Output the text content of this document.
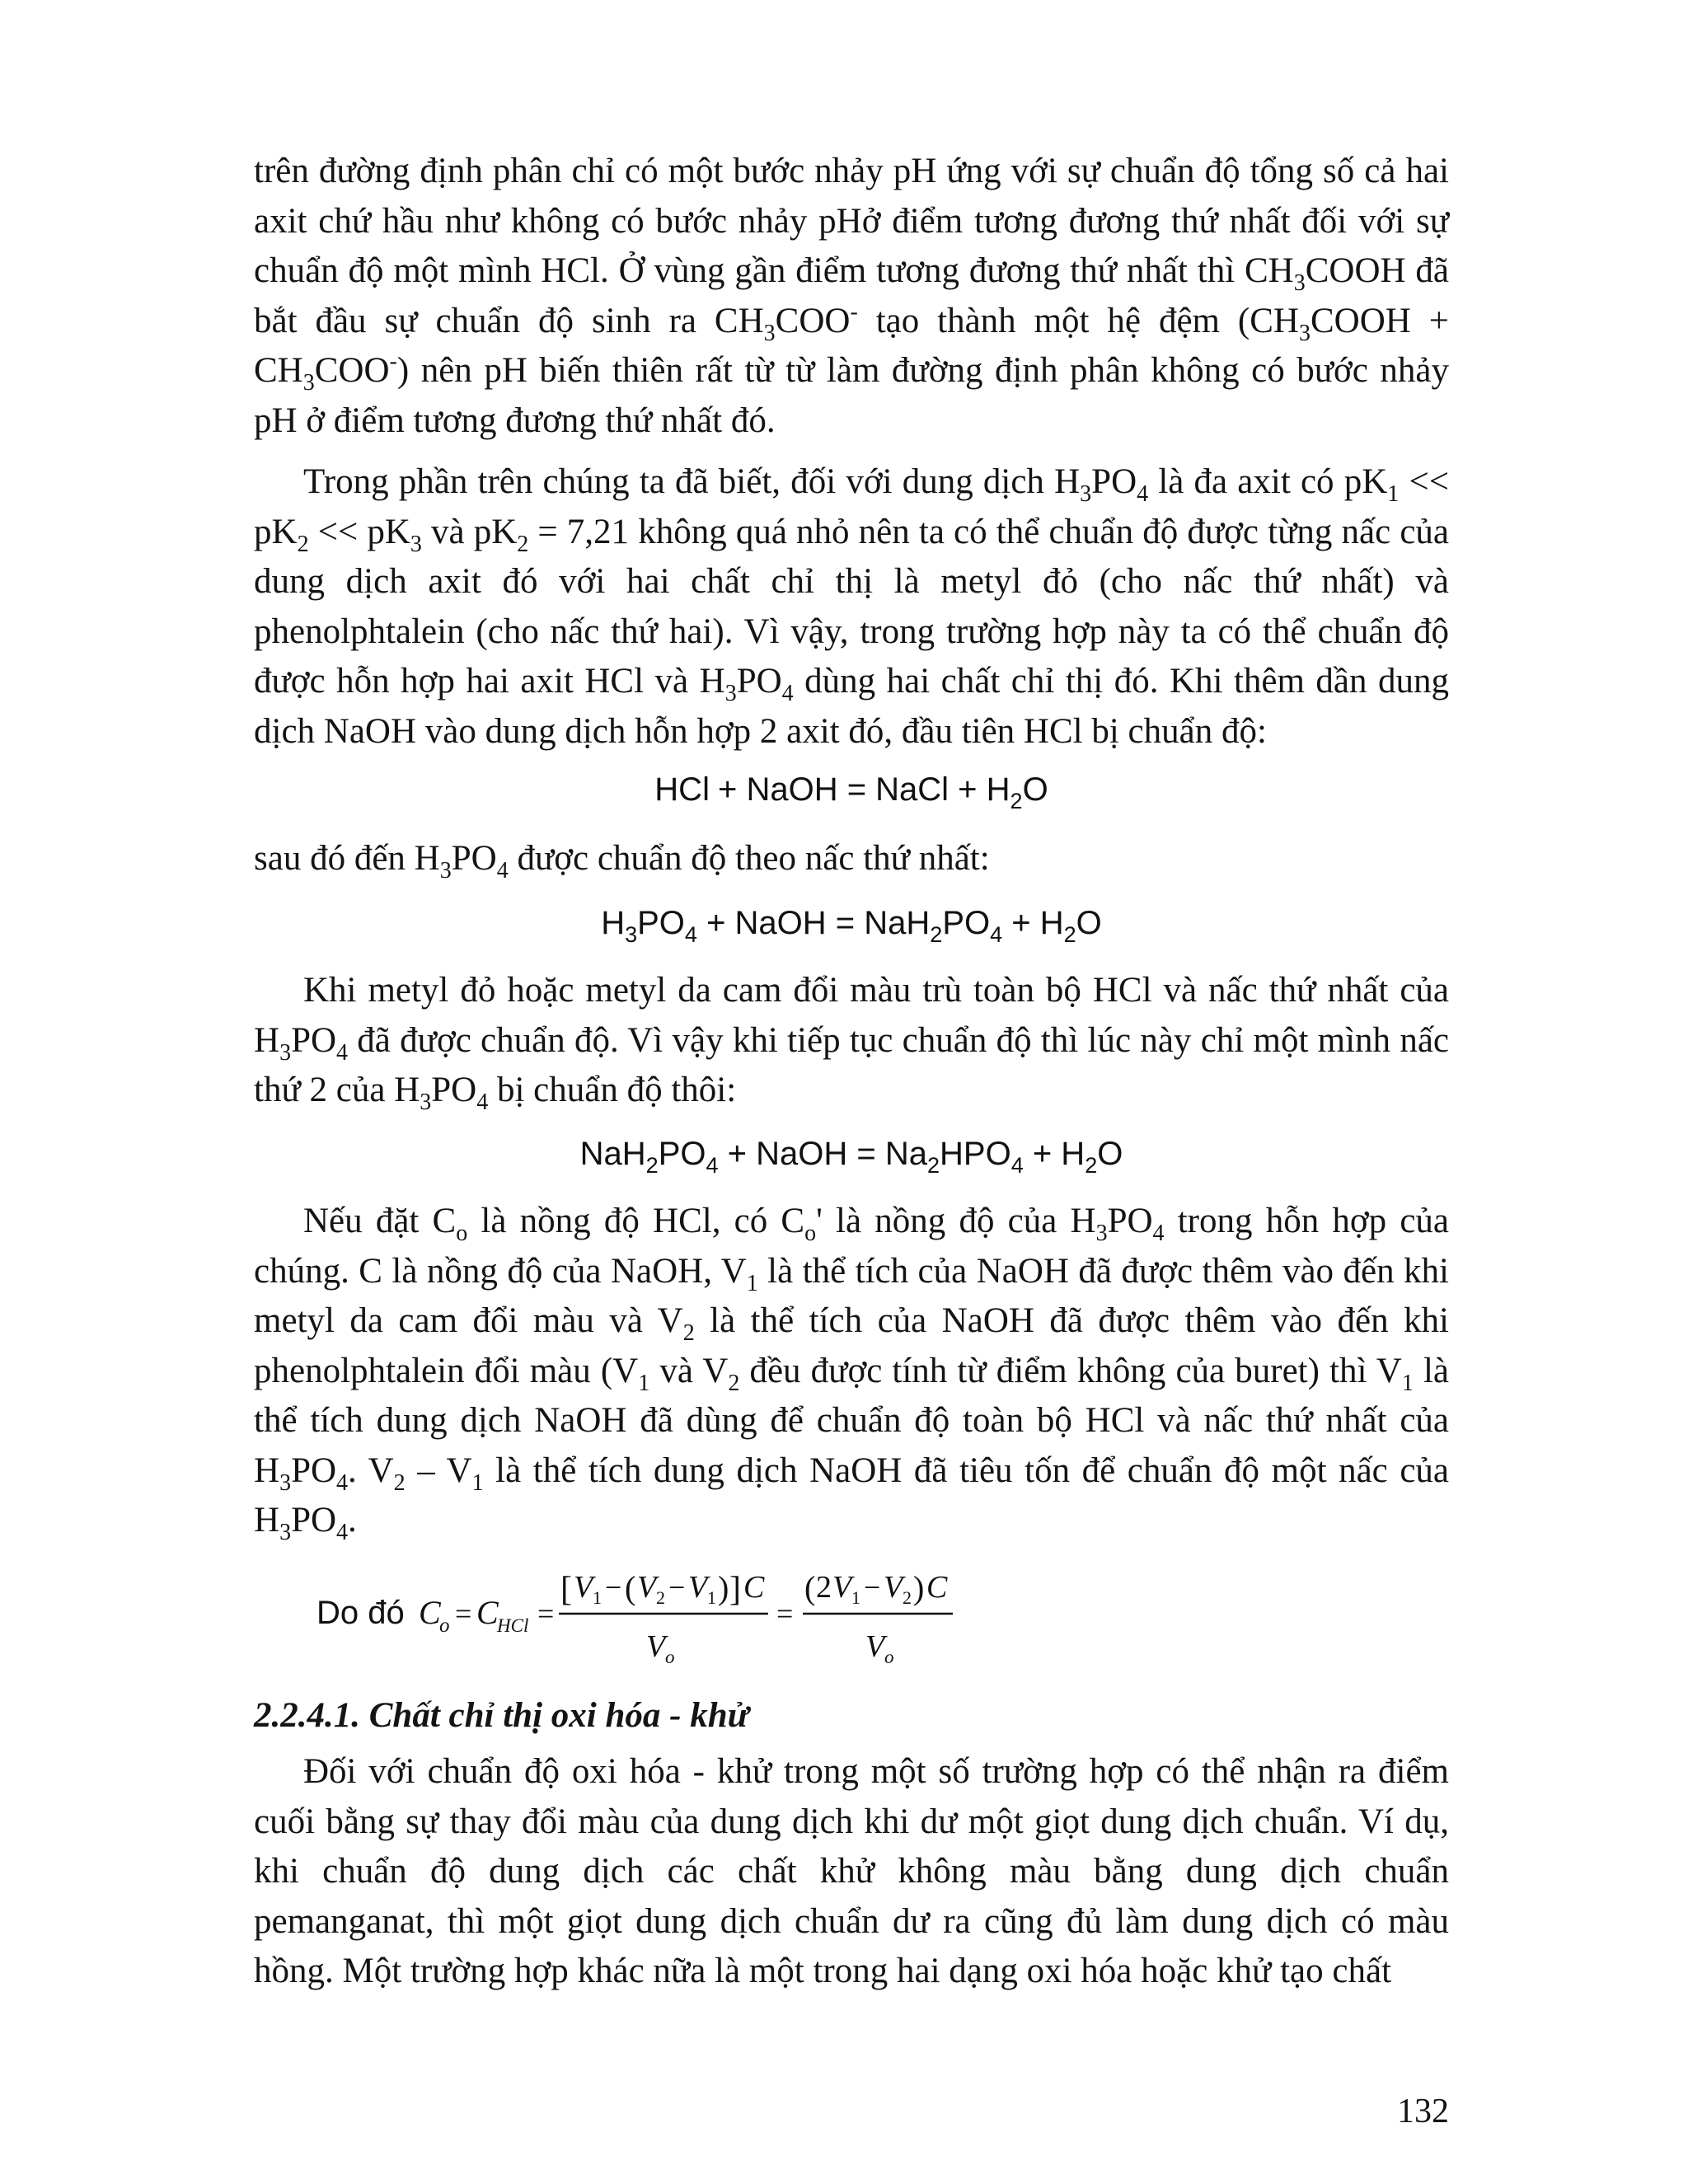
trên đường định phân chỉ có một bước nhảy pH ứng với sự chuẩn độ tổng số cả hai axit chứ hầu như không có bước nhảy pHở điểm tương đương thứ nhất đối với sự chuẩn độ một mình HCl. Ở vùng gần điểm tương đương thứ nhất thì $CH_3COOH$ đã bắt đầu sự chuẩn độ sinh ra $CH_3COO^-$ tạo thành một hệ đệm $(CH_3COOH + CH_3COO^-)$ nên pH biến thiên rất từ từ làm đường định phân không có bước nhảy pH ở điểm tương đương thứ nhất đó.

Trong phần trên chúng ta đã biết, đối với dung dịch $H_3PO_4$ là đa axit có $pK_1 << pK_2 << pK_3$ và $pK_2 = 7,21$ không quá nhỏ nên ta có thể chuẩn độ được từng nấc của dung dịch axit đó với hai chất chỉ thị là metyl đỏ (cho nấc thứ nhất) và phenolphtalein (cho nấc thứ hai). Vì vậy, trong trường hợp này ta có thể chuẩn độ được hỗn hợp hai axit HCl và $H_3PO_4$ dùng hai chất chỉ thị đó. Khi thêm dần dung dịch NaOH vào dung dịch hỗn hợp 2 axit đó, đầu tiên HCl bị chuẩn độ:

HCl + NaOH = NaCl + $H_2O$

sau đó đến $H_3PO_4$ được chuẩn độ theo nấc thứ nhất:

$H_3PO_4$ + NaOH = $NaH_2PO_4 + H_2O$

Khi metyl đỏ hoặc metyl da cam đổi màu trù toàn bộ HCl và nấc thứ nhất của $H_3PO_4$ đã được chuẩn độ. Vì vậy khi tiếp tục chuẩn độ thì lúc này chỉ một mình nấc thứ 2 của $H_3PO_4$ bị chuẩn độ thôi:

$NaH_2PO_4$ + NaOH = $Na_2HPO_4 + H_2O$

Nếu đặt $C_o$ là nồng độ HCl, có $C_o'$ là nồng độ của $H_3PO_4$ trong hỗn hợp của chúng. C là nồng độ của NaOH, $V_1$ là thể tích của NaOH đã được thêm vào đến khi metyl da cam đổi màu và $V_2$ là thể tích của NaOH đã được thêm vào đến khi phenolphtalein đổi màu ($V_1$ và $V_2$ đều được tính từ điểm không của buret) thì $V_1$ là thể tích dung dịch NaOH đã dùng để chuẩn độ toàn bộ HCl và nấc thứ nhất của $H_3PO_4$. $V_2 - V_1$ là thể tích dung dịch NaOH đã tiêu tốn để chuẩn độ một nấc của $H_3PO_4$.

Do đó C
o = C
HCl =
[ V 1 − ( V 2 − V 1 ) ] C
V o
=
( 2 V 1 − V 2 ) C
V o
2.2.4.1. Chất chỉ thị oxi hóa - khử

Đối với chuẩn độ oxi hóa - khử trong một số trường hợp có thể nhận ra điểm cuối bằng sự thay đổi màu của dung dịch khi dư một giọt dung dịch chuẩn. Ví dụ, khi chuẩn độ dung dịch các chất khử không màu bằng dung dịch chuẩn pemanganat, thì một giọt dung dịch chuẩn dư ra cũng đủ làm dung dịch có màu hồng. Một trường hợp khác nữa là một trong hai dạng oxi hóa hoặc khử tạo chất

132
